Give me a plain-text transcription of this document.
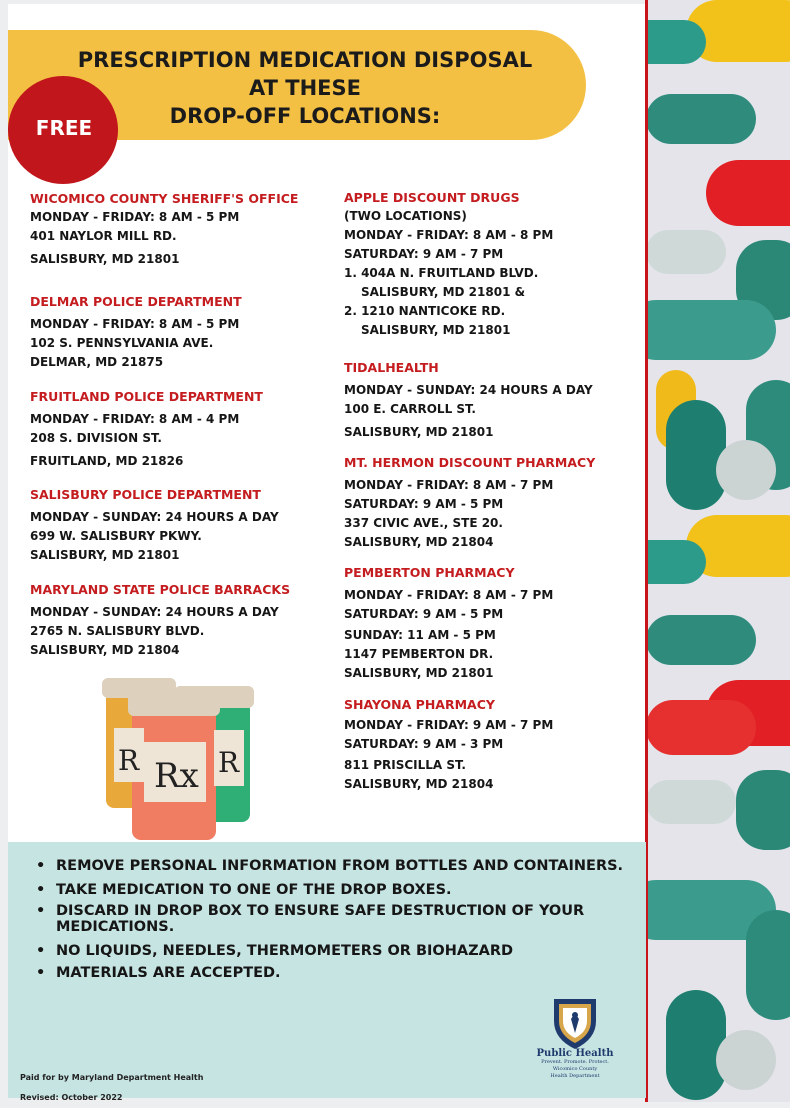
PRESCRIPTION MEDICATION DISPOSAL
AT THESE
DROP-OFF LOCATIONS:
FREE
WICOMICO COUNTY SHERIFF'S OFFICE
MONDAY - FRIDAY: 8 AM - 5 PM
401 NAYLOR MILL RD.
SALISBURY, MD 21801
DELMAR POLICE DEPARTMENT
MONDAY - FRIDAY: 8 AM - 5 PM
102 S. PENNSYLVANIA AVE.
DELMAR, MD 21875
FRUITLAND POLICE DEPARTMENT
MONDAY - FRIDAY: 8 AM - 4 PM
208 S. DIVISION ST.
FRUITLAND, MD 21826
SALISBURY POLICE DEPARTMENT
MONDAY - SUNDAY: 24 HOURS A DAY
699 W. SALISBURY PKWY.
SALISBURY, MD 21801
MARYLAND STATE POLICE BARRACKS
MONDAY - SUNDAY: 24 HOURS A DAY
2765 N. SALISBURY BLVD.
SALISBURY, MD 21804
APPLE DISCOUNT DRUGS
(TWO LOCATIONS)
MONDAY - FRIDAY: 8 AM - 8 PM
SATURDAY: 9 AM - 7 PM
1. 404A N. FRUITLAND BLVD.
SALISBURY, MD 21801 &
2. 1210 NANTICOKE RD.
SALISBURY, MD 21801
TIDALHEALTH
MONDAY - SUNDAY: 24 HOURS A DAY
100 E. CARROLL ST.
SALISBURY, MD 21801
MT. HERMON DISCOUNT PHARMACY
MONDAY - FRIDAY: 8 AM - 7 PM
SATURDAY: 9 AM - 5 PM
337 CIVIC AVE., STE 20.
SALISBURY, MD 21804
PEMBERTON PHARMACY
MONDAY - FRIDAY: 8 AM - 7 PM
SATURDAY: 9 AM - 5 PM
SUNDAY: 11 AM - 5 PM
1147 PEMBERTON DR.
SALISBURY, MD 21801
SHAYONA PHARMACY
MONDAY - FRIDAY: 9 AM - 7 PM
SATURDAY: 9 AM - 3 PM
811 PRISCILLA ST.
SALISBURY, MD 21804
R Rx R
• REMOVE PERSONAL INFORMATION FROM BOTTLES AND CONTAINERS.
• TAKE MEDICATION TO ONE OF THE DROP BOXES.
• DISCARD IN DROP BOX TO ENSURE SAFE DESTRUCTION OF YOUR MEDICATIONS.
• NO LIQUIDS, NEEDLES, THERMOMETERS OR BIOHAZARD
• MATERIALS ARE ACCEPTED.
Paid for by Maryland Department Health
Revised: October 2022
Public Health
Prevent. Promote. Protect.
Wicomico County
Health Department
